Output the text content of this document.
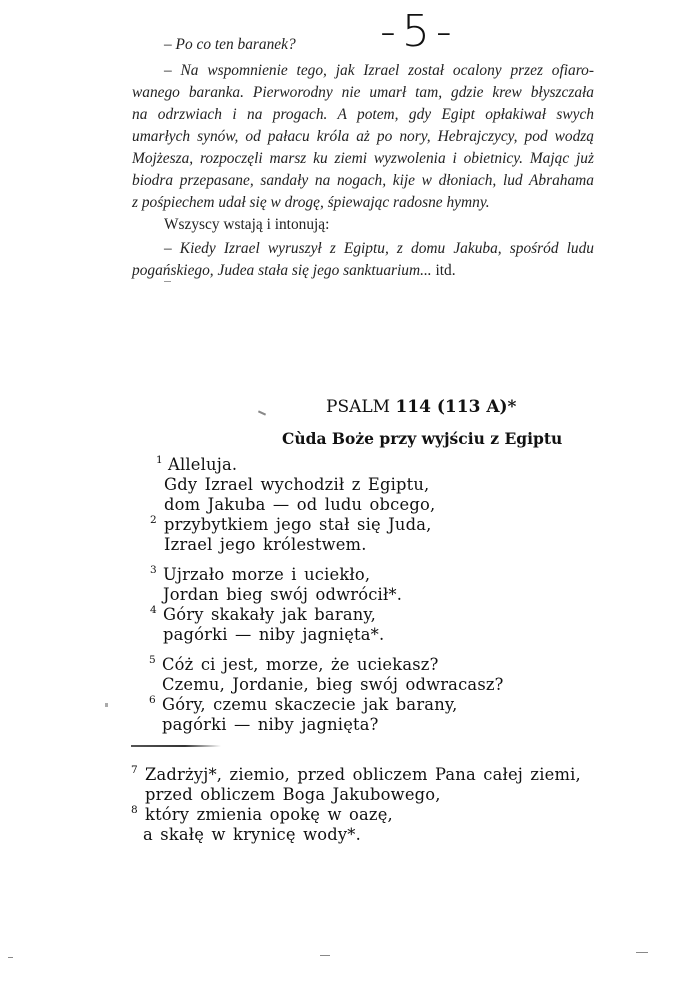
-5-
– Po co ten baranek?
– Na wspomnienie tego, jak Izrael został ocalony przez ofiaro-
wanego baranka. Pierworodny nie umarł tam, gdzie krew błyszczała
na odrzwiach i na progach. A potem, gdy Egipt opłakiwał swych
umarłych synów, od pałacu króla aż po nory, Hebrajczycy, pod wodzą
Mojżesza, rozpoczęli marsz ku ziemi wyzwolenia i obietnicy. Mając już
biodra przepasane, sandały na nogach, kije w dłoniach, lud Abrahama
z pośpiechem udał się w drogę, śpiewając radosne hymny.
Wszyscy wstają i intonują:
– Kiedy Izrael wyruszył z Egiptu, z domu Jakuba, spośród ludu
pogańskiego, Judea stała się jego sanktuarium... itd.
PSALM 114 (113 A)*
Cùda Boże przy wyjściu z Egiptu
1 Alleluja.
Gdy Izrael wychodził z Egiptu,
dom Jakuba — od ludu obcego,
2 przybytkiem jego stał się Juda,
Izrael jego królestwem.
3 Ujrzało morze i uciekło,
Jordan bieg swój odwrócił*.
4 Góry skakały jak barany,
pagórki — niby jagnięta*.
5 Cóż ci jest, morze, że uciekasz?
Czemu, Jordanie, bieg swój odwracasz?
6 Góry, czemu skaczecie jak barany,
pagórki — niby jagnięta?
7 Zadrżyj*, ziemio, przed obliczem Pana całej ziemi,
przed obliczem Boga Jakubowego,
8 który zmienia opokę w oazę,
a skałę w krynicę wody*.
